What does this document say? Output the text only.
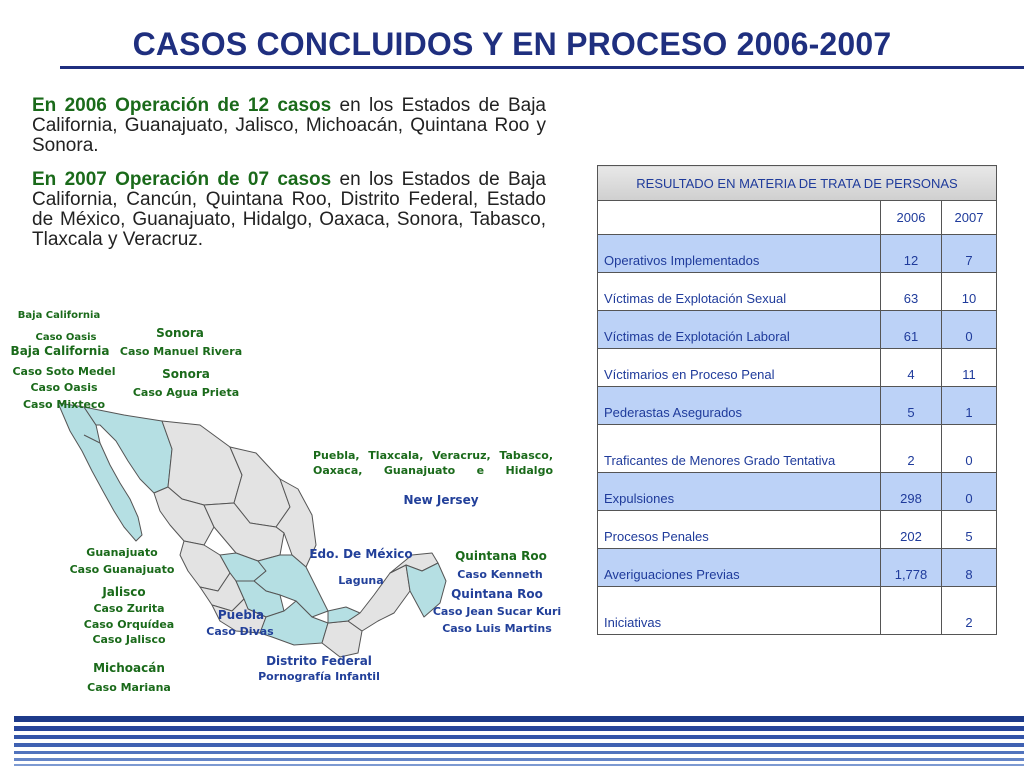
CASOS CONCLUIDOS Y EN PROCESO 2006-2007
En 2006 Operación de 12 casos en los Estados de Baja California, Guanajuato, Jalisco, Michoacán, Quintana Roo y Sonora.
En 2007 Operación de 07 casos en los Estados de Baja California, Cancún, Quintana Roo, Distrito Federal, Estado de México, Guanajuato, Hidalgo, Oaxaca, Sonora, Tabasco, Tlaxcala y Veracruz.
RESULTADO EN MATERIA DE TRATA DE PERSONAS		
	2006	2007
Operativos Implementados	12	7
Víctimas de Explotación Sexual	63	10
Víctimas de Explotación Laboral	61	0
Víctimarios en Proceso Penal	4	11
Pederastas Asegurados	5	1
Traficantes de Menores Grado Tentativa	2	0
Expulsiones	298	0
Procesos Penales	202	5
Averiguaciones Previas	1,778	8
Iniciativas		2
Baja California
Caso Oasis
Baja California
Caso Soto Medel
Caso Oasis
Caso Mixteco
Sonora
Caso Manuel Rivera
Sonora
Caso Agua Prieta
Puebla, Tlaxcala, Veracruz, Tabasco, Oaxaca, Guanajuato e Hidalgo
New Jersey
Guanajuato
Caso Guanajuato
Jalisco
Caso Zurita
Caso Orquídea
Caso Jalisco
Michoacán
Caso Mariana
Edo. De México
Laguna
Puebla
Caso Divas
Distrito Federal
Pornografía Infantil
Quintana Roo
Caso Kenneth
Quintana Roo
Caso Jean Sucar Kuri
Caso Luis Martins
